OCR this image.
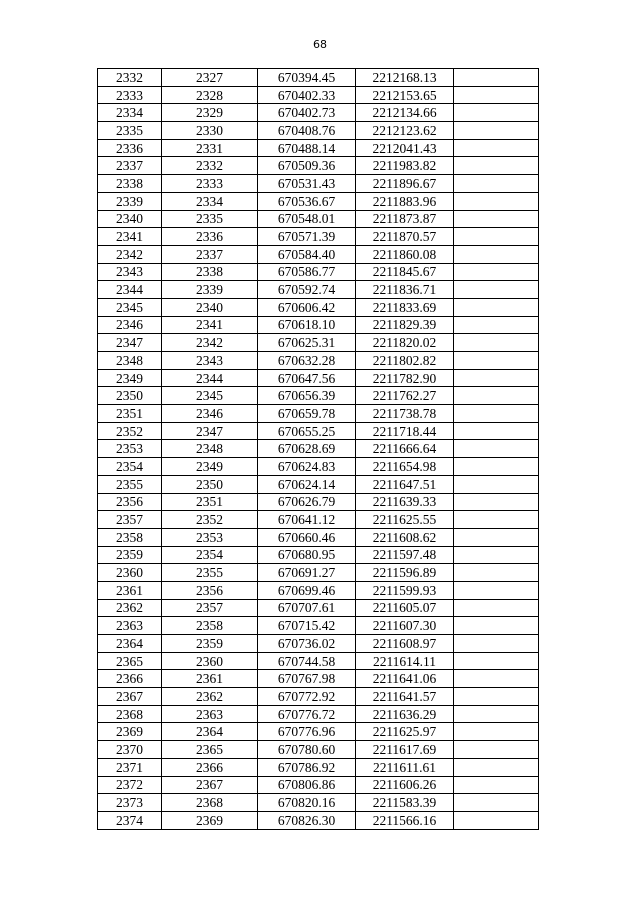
68
2332	2327	670394.45	2212168.13	
2333	2328	670402.33	2212153.65	
2334	2329	670402.73	2212134.66	
2335	2330	670408.76	2212123.62	
2336	2331	670488.14	2212041.43	
2337	2332	670509.36	2211983.82	
2338	2333	670531.43	2211896.67	
2339	2334	670536.67	2211883.96	
2340	2335	670548.01	2211873.87	
2341	2336	670571.39	2211870.57	
2342	2337	670584.40	2211860.08	
2343	2338	670586.77	2211845.67	
2344	2339	670592.74	2211836.71	
2345	2340	670606.42	2211833.69	
2346	2341	670618.10	2211829.39	
2347	2342	670625.31	2211820.02	
2348	2343	670632.28	2211802.82	
2349	2344	670647.56	2211782.90	
2350	2345	670656.39	2211762.27	
2351	2346	670659.78	2211738.78	
2352	2347	670655.25	2211718.44	
2353	2348	670628.69	2211666.64	
2354	2349	670624.83	2211654.98	
2355	2350	670624.14	2211647.51	
2356	2351	670626.79	2211639.33	
2357	2352	670641.12	2211625.55	
2358	2353	670660.46	2211608.62	
2359	2354	670680.95	2211597.48	
2360	2355	670691.27	2211596.89	
2361	2356	670699.46	2211599.93	
2362	2357	670707.61	2211605.07	
2363	2358	670715.42	2211607.30	
2364	2359	670736.02	2211608.97	
2365	2360	670744.58	2211614.11	
2366	2361	670767.98	2211641.06	
2367	2362	670772.92	2211641.57	
2368	2363	670776.72	2211636.29	
2369	2364	670776.96	2211625.97	
2370	2365	670780.60	2211617.69	
2371	2366	670786.92	2211611.61	
2372	2367	670806.86	2211606.26	
2373	2368	670820.16	2211583.39	
2374	2369	670826.30	2211566.16	
